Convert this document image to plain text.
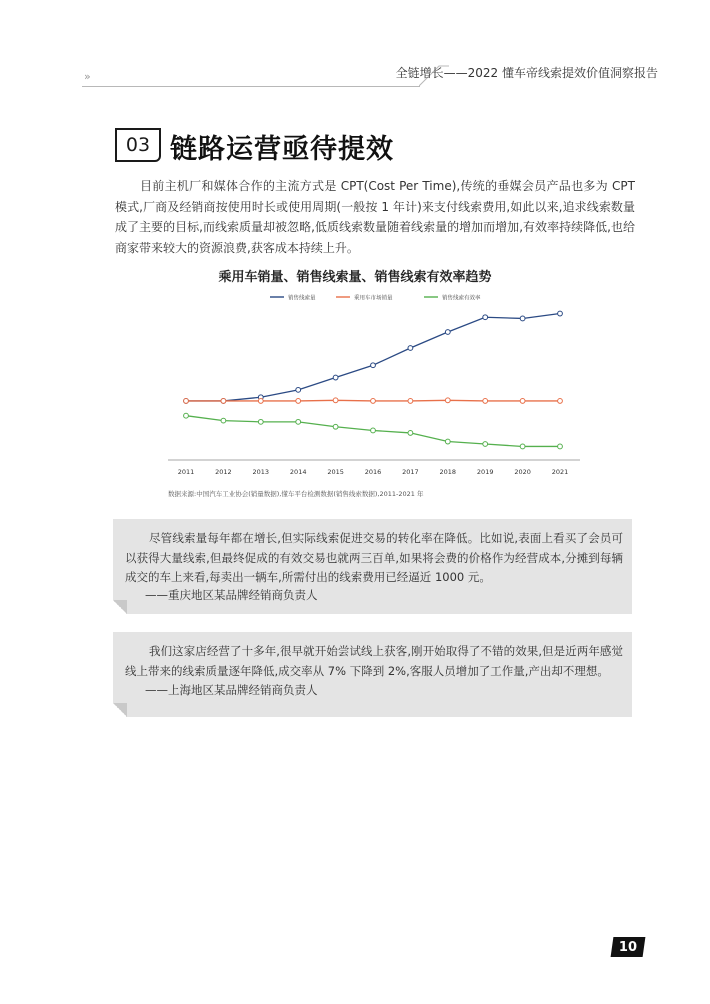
»	全链增长——2022 懂车帝线索提效价值洞察报告
03 链路运营亟待提效
目前主机厂和媒体合作的主流方式是 CPT(Cost Per Time),传统的垂媒会员产品也多为 CPT 模式,厂商及经销商按使用时长或使用周期(一般按 1 年计)来支付线索费用,如此以来,追求线索数量成了主要的目标,而线索质量却被忽略,低质线索数量随着线索量的增加而增加,有效率持续降低,也给商家带来较大的资源浪费,获客成本持续上升。
乘用车销量、销售线索量、销售线索有效率趋势
销售线索量	乘用车市场销量	销售线索有效率
2011	2012	2013	2014	2015	2016	2017	2018	2019	2020	2021
数据来源:中国汽车工业协会(销量数据),懂车平台检测数据(销售线索数据),2011-2021 年
尽管线索量每年都在增长,但实际线索促进交易的转化率在降低。比如说,表面上看买了会员可以获得大量线索,但最终促成的有效交易也就两三百单,如果将会费的价格作为经营成本,分摊到每辆成交的车上来看,每卖出一辆车,所需付出的线索费用已经逼近 1000 元。
——重庆地区某品牌经销商负责人
我们这家店经营了十多年,很早就开始尝试线上获客,刚开始取得了不错的效果,但是近两年感觉线上带来的线索质量逐年降低,成交率从 7% 下降到 2%,客服人员增加了工作量,产出却不理想。
——上海地区某品牌经销商负责人
10
